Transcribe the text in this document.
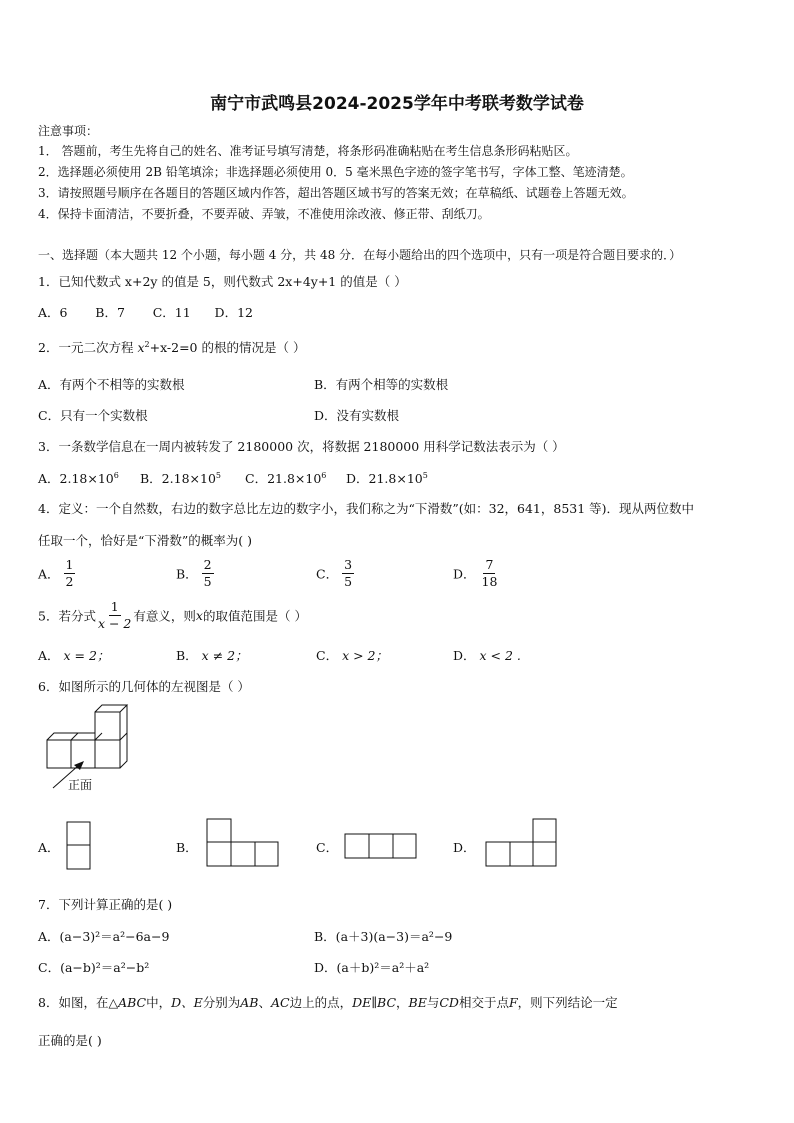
南宁市武鸣县2024-2025学年中考联考数学试卷
注意事项：
1． 答题前，考生先将自己的姓名、准考证号填写清楚，将条形码准确粘贴在考生信息条形码粘贴区。
2．选择题必须使用 2B 铅笔填涂；非选择题必须使用 0．5 毫米黑色字迹的签字笔书写，字体工整、笔迹清楚。
3．请按照题号顺序在各题目的答题区域内作答，超出答题区域书写的答案无效；在草稿纸、试题卷上答题无效。
4．保持卡面清洁，不要折叠，不要弄破、弄皱，不准使用涂改液、修正带、刮纸刀。
一、选择题（本大题共 12 个小题，每小题 4 分，共 48 分．在每小题给出的四个选项中，只有一项是符合题目要求的．）
1．已知代数式 x+2y 的值是 5，则代数式 2x+4y+1 的值是（ ）
A．6       B．7       C．11      D．12
2．一元二次方程 $x^2+x-2=0$ 的根的情况是（ ）
A．有两个不相等的实数根	B．有两个相等的实数根
C．只有一个实数根	D．没有实数根
3．一条数学信息在一周内被转发了 2180000 次，将数据 2180000 用科学记数法表示为（ ）
A．$2.18\times 10^6$ B．$2.18\times 10^5$ C．$21.8\times 10^6$ D．$21.8\times 10^5$
4．定义：一个自然数，右边的数字总比左边的数字小，我们称之为“下滑数”(如：32，641，8531 等)．现从两位数中
任取一个，恰好是“下滑数”的概率为( )
A． $\frac{1}{2}$	B． $\frac{2}{5}$	C． $\frac{3}{5}$	D． $\frac{7}{18}$
5．若分式 $\frac{1}{x - 2}$ 有意义，则x的取值范围是（ ）
A． x = 2；	B． x ≠ 2；	C． x > 2；	D． x < 2 .
6．如图所示的几何体的左视图是（ ）
正面
A．	B．	C．	D．
7．下列计算正确的是( )
A．(a−3)²＝a²−6a−9	B．(a＋3)(a−3)＝a²−9
C．(a−b)²＝a²−b²	D．(a＋b)²＝a²＋a²
8．如图，在△ABC中，D、E分别为AB、AC边上的点，DE∥BC，BE与CD相交于点F，则下列结论一定
正确的是( )
